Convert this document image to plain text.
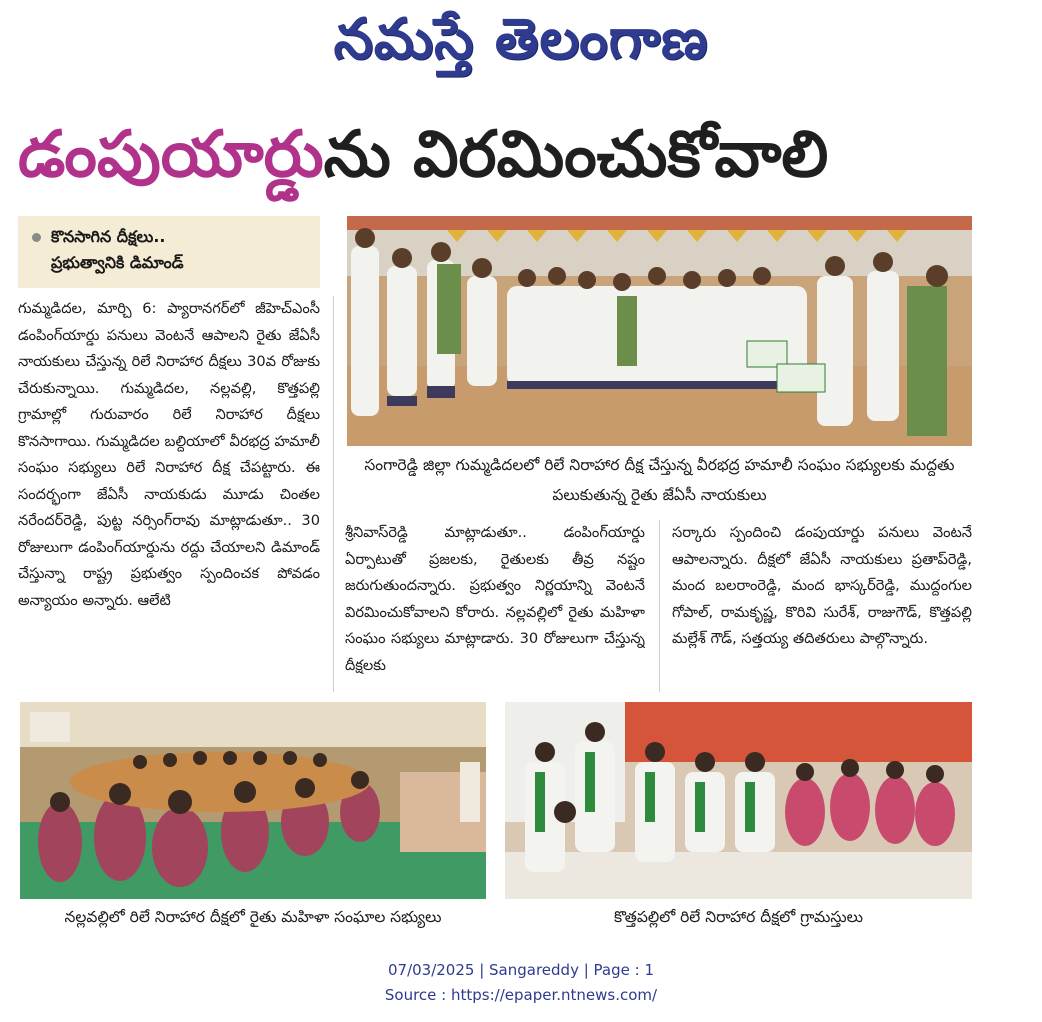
నమస్తే తెలంగాణ
డంపుయార్డును విరమించుకోవాలి
కొనసాగిన దీక్షలు..
ప్రభుత్వానికి డిమాండ్
గుమ్మడిదల, మార్చి 6: ప్యారానగర్‌లో జీహెచ్‌ఎంసీ డంపింగ్‌యార్డు పనులు వెంటనే ఆపాలని రైతు జేఏసీ నాయకులు చేస్తున్న రిలే నిరాహార దీక్షలు 30వ రోజుకు చేరుకున్నాయి. గుమ్మడిదల, నల్లవల్లి, కొత్తపల్లి గ్రామాల్లో గురువారం రిలే నిరాహార దీక్షలు కొనసాగాయి. గుమ్మడిదల బల్దియాలో వీరభద్ర హమాలీ సంఘం సభ్యులు రిలే నిరాహార దీక్ష చేపట్టారు. ఈ సందర్భంగా జేఏసీ నాయకుడు మూడు చింతల నరేందర్‌రెడ్డి, పుట్ట నర్సింగ్‌రావు మాట్లాడుతూ.. 30 రోజులుగా డంపింగ్‌యార్డును రద్దు చేయాలని డిమాండ్ చేస్తున్నా రాష్ట్ర ప్రభుత్వం స్పందించక పోవడం అన్యాయం అన్నారు. ఆలేటి
శ్రీనివాస్‌రెడ్డి మాట్లాడుతూ.. డంపింగ్‌యార్డు ఏర్పాటుతో ప్రజలకు, రైతులకు తీవ్ర నష్టం జరుగుతుందన్నారు. ప్రభుత్వం నిర్ణయాన్ని వెంటనే విరమించుకోవాలని కోరారు. నల్లవల్లిలో రైతు మహిళా సంఘం సభ్యులు మాట్లాడారు. 30 రోజులుగా చేస్తున్న దీక్షలకు
సర్కారు స్పందించి డంపుయార్డు పనులు వెంటనే ఆపాలన్నారు. దీక్షలో జేఏసీ నాయకులు ప్రతాప్‌రెడ్డి, మంద బలరాంరెడ్డి, మంద భాస్కర్‌రెడ్డి, ముద్దంగుల గోపాల్, రామకృష్ణ, కొరివి సురేశ్, రాజుగౌడ్, కొత్తపల్లి మల్లేశ్ గౌడ్, సత్తయ్య తదితరులు పాల్గొన్నారు.
సంగారెడ్డి జిల్లా గుమ్మడిదలలో రిలే నిరాహార దీక్ష చేస్తున్న వీరభద్ర హమాలీ సంఘం సభ్యులకు మద్దతు పలుకుతున్న రైతు జేఏసీ నాయకులు
నల్లవల్లిలో రిలే నిరాహార దీక్షలో రైతు మహిళా సంఘాల సభ్యులు	కొత్తపల్లిలో రిలే నిరాహార దీక్షలో గ్రామస్తులు
07/03/2025 | Sangareddy | Page : 1
Source : https://epaper.ntnews.com/
